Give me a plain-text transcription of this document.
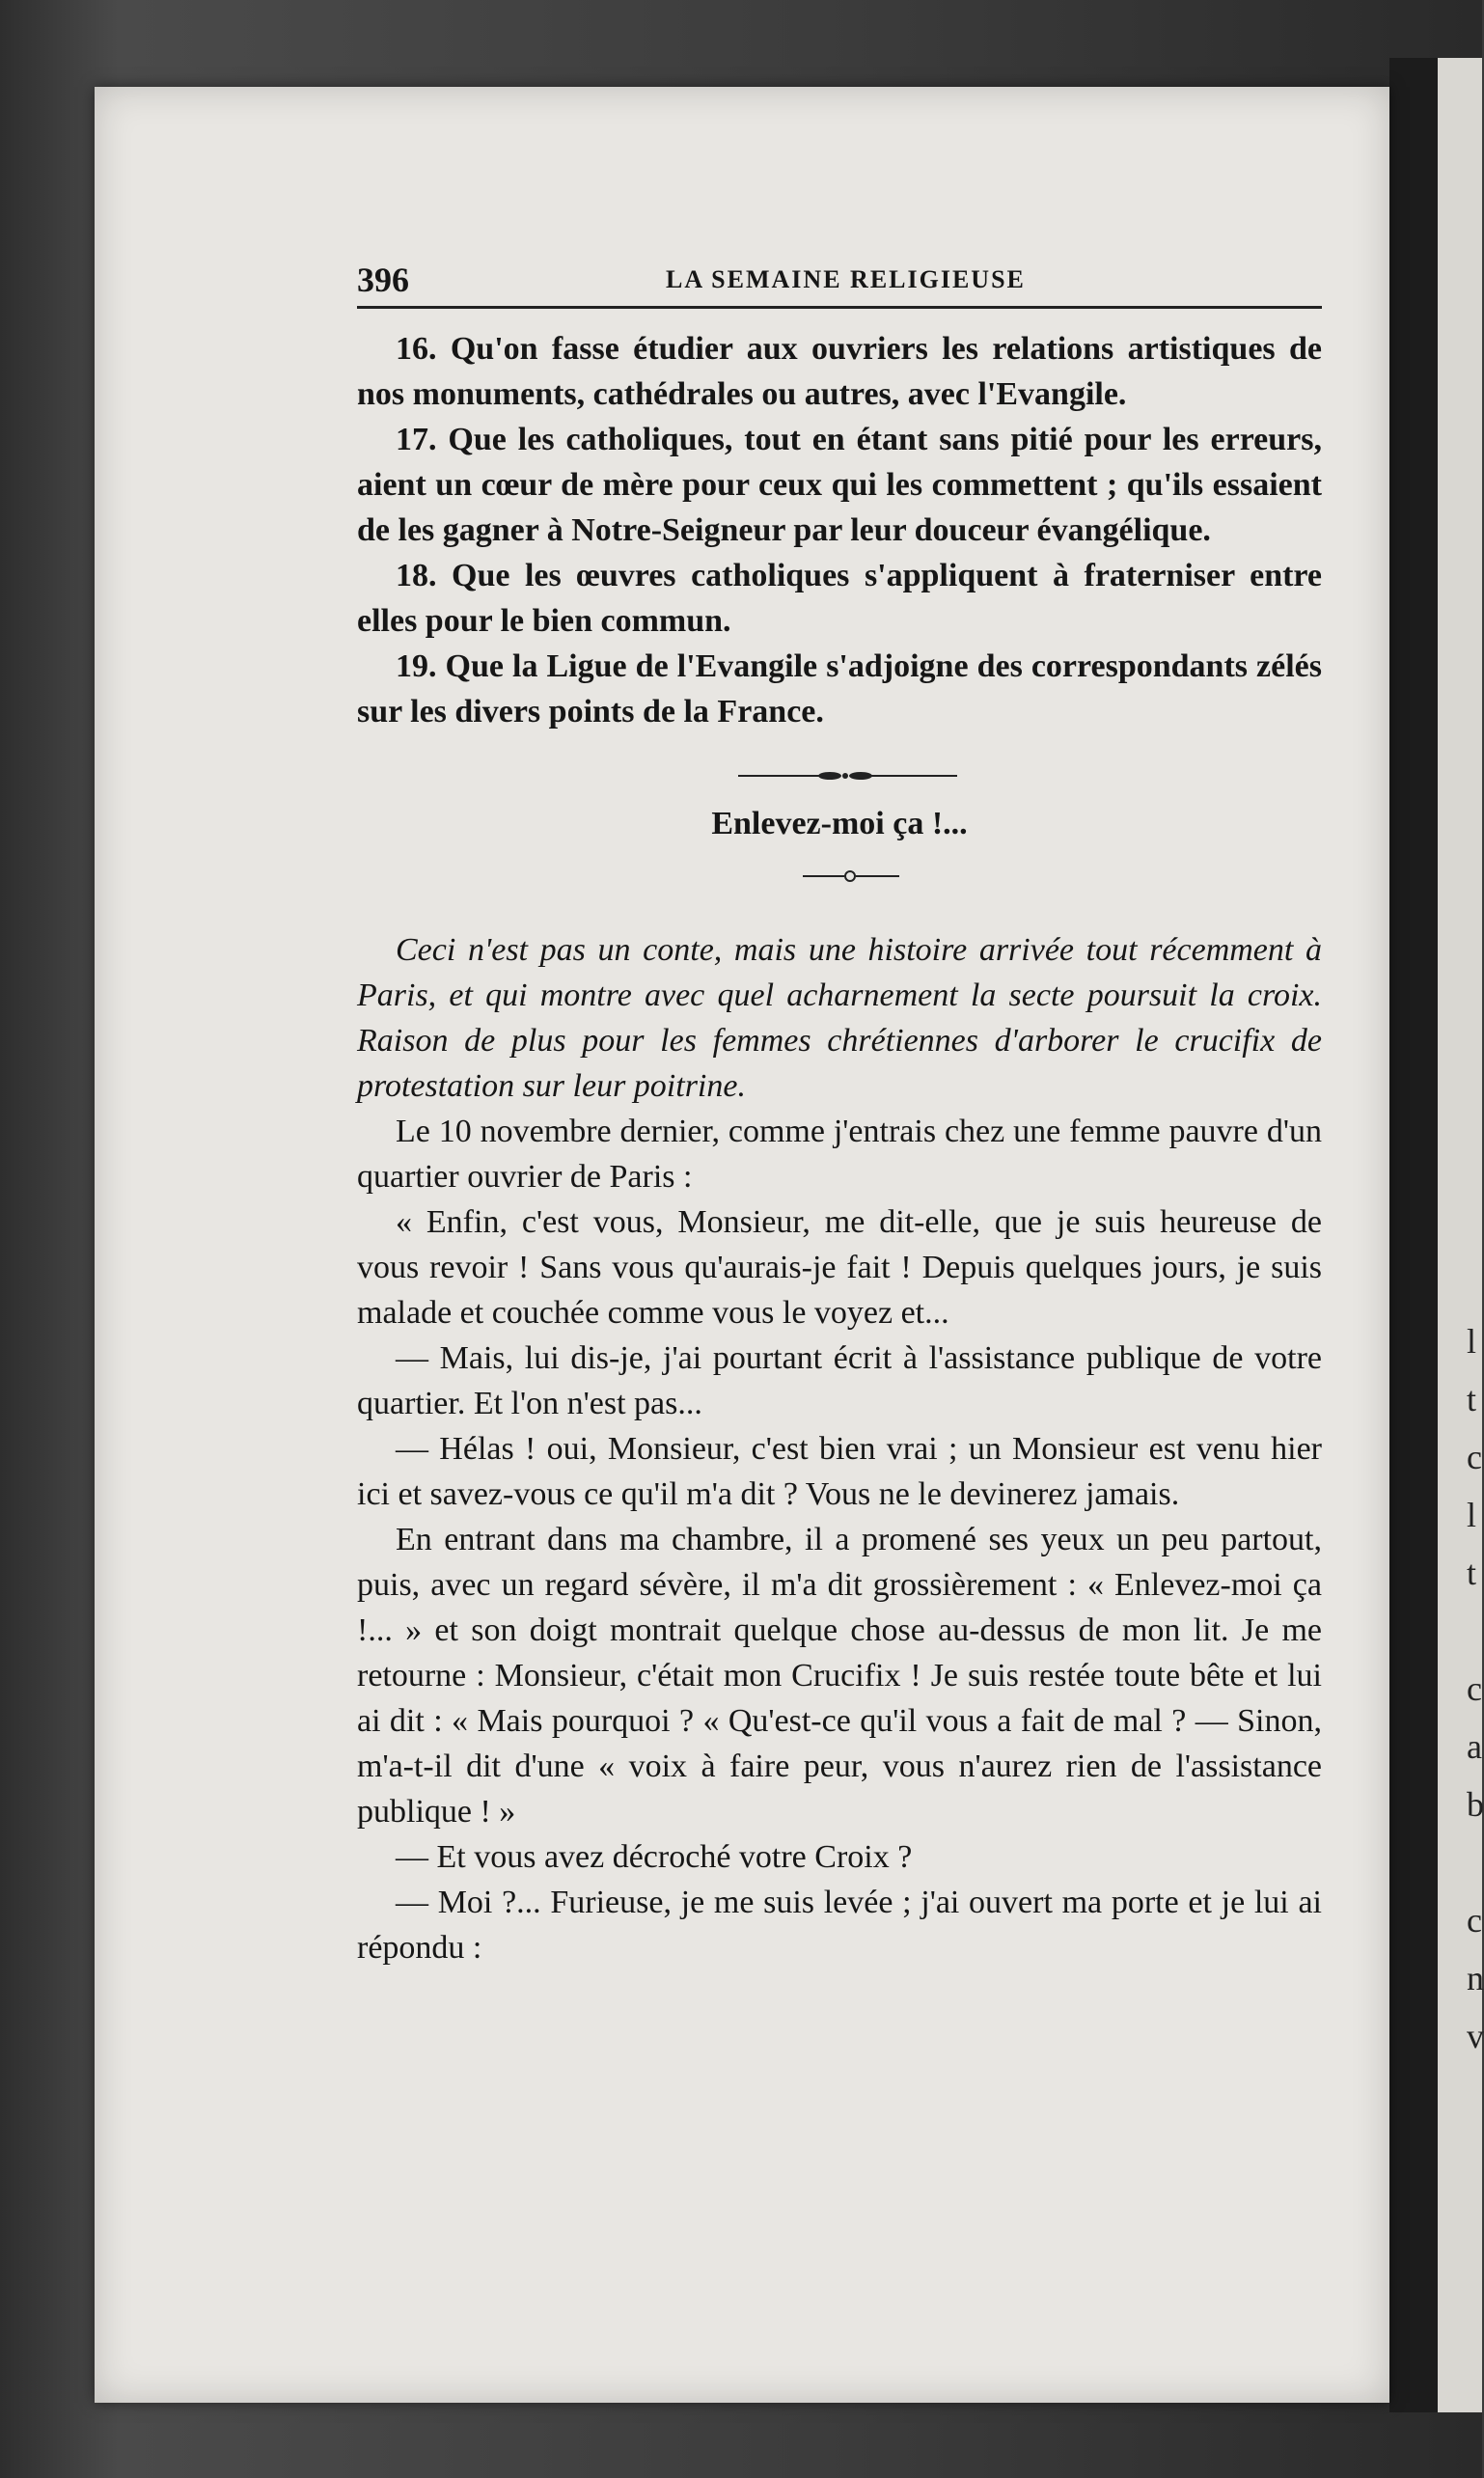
l
t
c
l
t

c
a
b

c
n
v
396	LA SEMAINE RELIGIEUSE

16. Qu'on fasse étudier aux ouvriers les relations artistiques de nos monuments, cathédrales ou autres, avec l'Evangile.

17. Que les catholiques, tout en étant sans pitié pour les erreurs, aient un cœur de mère pour ceux qui les commettent ; qu'ils essaient de les gagner à Notre-Seigneur par leur douceur évangélique.

18. Que les œuvres catholiques s'appliquent à fraterniser entre elles pour le bien commun.

19. Que la Ligue de l'Evangile s'adjoigne des correspondants zélés sur les divers points de la France.

Enlevez-moi ça !...

Ceci n'est pas un conte, mais une histoire arrivée tout récemment à Paris, et qui montre avec quel acharnement la secte poursuit la croix. Raison de plus pour les femmes chrétiennes d'arborer le crucifix de protestation sur leur poitrine.

Le 10 novembre dernier, comme j'entrais chez une femme pauvre d'un quartier ouvrier de Paris :

« Enfin, c'est vous, Monsieur, me dit-elle, que je suis heureuse de vous revoir ! Sans vous qu'aurais-je fait ! Depuis quelques jours, je suis malade et couchée comme vous le voyez et...

— Mais, lui dis-je, j'ai pourtant écrit à l'assistance publique de votre quartier. Et l'on n'est pas...

— Hélas ! oui, Monsieur, c'est bien vrai ; un Monsieur est venu hier ici et savez-vous ce qu'il m'a dit ? Vous ne le devinerez jamais.

En entrant dans ma chambre, il a promené ses yeux un peu partout, puis, avec un regard sévère, il m'a dit grossièrement : « Enlevez-moi ça !... » et son doigt montrait quelque chose au-dessus de mon lit. Je me retourne : Monsieur, c'était mon Crucifix ! Je suis restée toute bête et lui ai dit : « Mais pourquoi ? « Qu'est-ce qu'il vous a fait de mal ? — Sinon, m'a-t-il dit d'une « voix à faire peur, vous n'aurez rien de l'assistance publique ! »

— Et vous avez décroché votre Croix ?

— Moi ?... Furieuse, je me suis levée ; j'ai ouvert ma porte et je lui ai répondu :
